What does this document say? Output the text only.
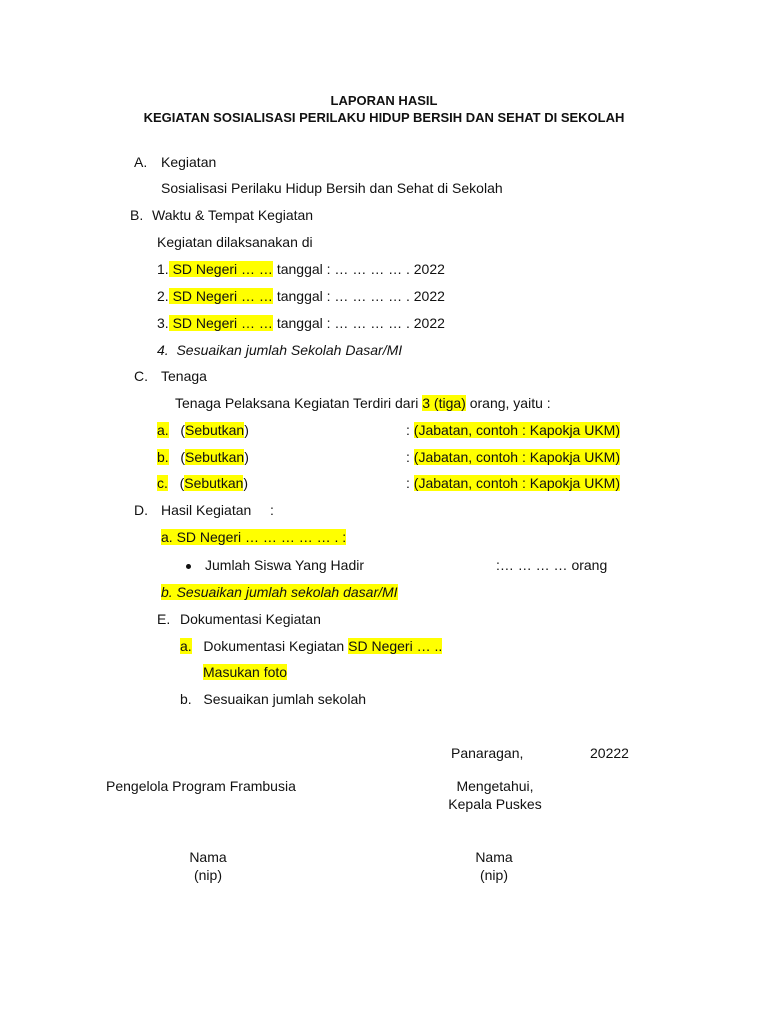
LAPORAN HASIL
KEGIATAN SOSIALISASI PERILAKU HIDUP BERSIH DAN SEHAT DI SEKOLAH
A. Kegiatan
Sosialisasi Perilaku Hidup Bersih dan Sehat di Sekolah
B. Waktu & Tempat Kegiatan
Kegiatan dilaksanakan di
1. SD Negeri … … tanggal : … … … … . 2022
2. SD Negeri … … tanggal : … … … … . 2022
3. SD Negeri … … tanggal : … … … … . 2022
4. Sesuaikan jumlah Sekolah Dasar/MI
C. Tenaga
Tenaga Pelaksana Kegiatan Terdiri dari 3 (tiga) orang, yaitu :
a. (Sebutkan)	: (Jabatan, contoh : Kapokja UKM)
b. (Sebutkan)	: (Jabatan, contoh : Kapokja UKM)
c. (Sebutkan)	: (Jabatan, contoh : Kapokja UKM)
D. Hasil Kegiatan :
a. SD Negeri … … … … … . :
Jumlah Siswa Yang Hadir	:… … … … orang
b. Sesuaikan jumlah sekolah dasar/MI
E. Dokumentasi Kegiatan
a. Dokumentasi Kegiatan SD Negeri … ..
Masukan foto
b. Sesuaikan jumlah sekolah
Panaragan,	20222
Pengelola Program Frambusia	Mengetahui,
Kepala Puskes
Nama
(nip)
Nama
(nip)
